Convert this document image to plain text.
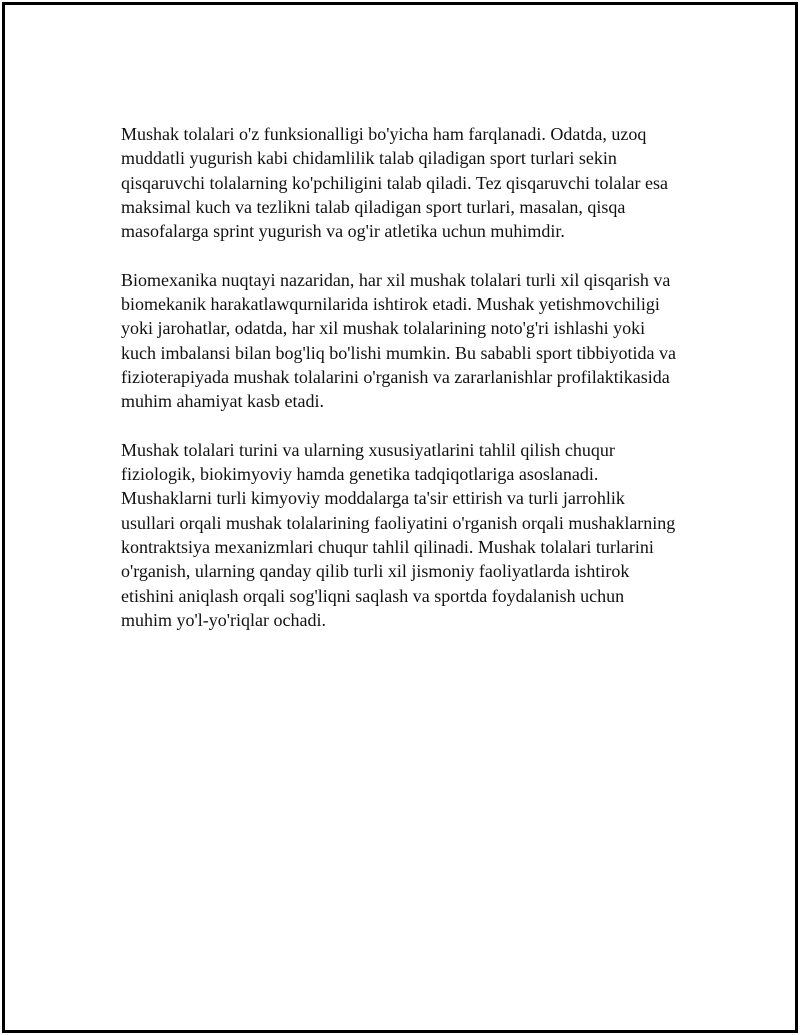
Mushak tolalari o'z funksionalligi bo'yicha ham farqlanadi. Odatda, uzoq
muddatli yugurish kabi chidamlilik talab qiladigan sport turlari sekin
qisqaruvchi tolalarning ko'pchiligini talab qiladi. Tez qisqaruvchi tolalar esa
maksimal kuch va tezlikni talab qiladigan sport turlari, masalan, qisqa
masofalarga sprint yugurish va og'ir atletika uchun muhimdir.

Biomexanika nuqtayi nazaridan, har xil mushak tolalari turli xil qisqarish va
biomekanik harakatlawqurnilarida ishtirok etadi. Mushak yetishmovchiligi
yoki jarohatlar, odatda, har xil mushak tolalarining noto'g'ri ishlashi yoki
kuch imbalansi bilan bog'liq bo'lishi mumkin. Bu sababli sport tibbiyotida va
fizioterapiyada mushak tolalarini o'rganish va zararlanishlar profilaktikasida
muhim ahamiyat kasb etadi.

Mushak tolalari turini va ularning xususiyatlarini tahlil qilish chuqur
fiziologik, biokimyoviy hamda genetika tadqiqotlariga asoslanadi.
Mushaklarni turli kimyoviy moddalarga ta'sir ettirish va turli jarrohlik
usullari orqali mushak tolalarining faoliyatini o'rganish orqali mushaklarning
kontraktsiya mexanizmlari chuqur tahlil qilinadi. Mushak tolalari turlarini
o'rganish, ularning qanday qilib turli xil jismoniy faoliyatlarda ishtirok
etishini aniqlash orqali sog'liqni saqlash va sportda foydalanish uchun
muhim yo'l-yo'riqlar ochadi.
